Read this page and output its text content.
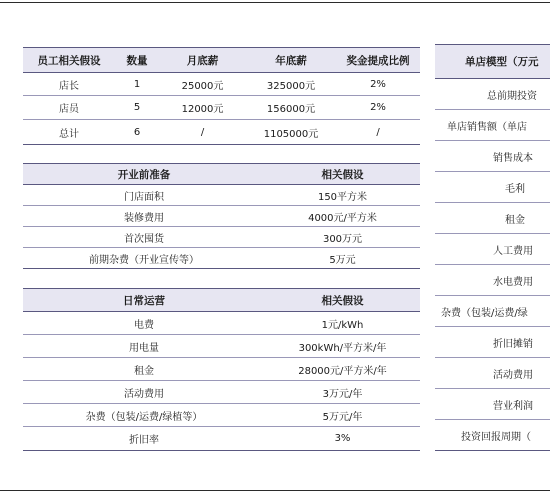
员工相关假设	数量	月底薪	年底薪	奖金提成比例
店长	1	25000元	325000元	2%
店员	5	12000元	156000元	2%
总计	6	/	1105000元	/
开业前准备	相关假设
门店面积	150平方米
装修费用	4000元/平方米
首次囤货	300万元
前期杂费（开业宣传等）	5万元
日常运营	相关假设
电费	1元/kWh
用电量	300kWh/平方米/年
租金	28000元/平方米/年
活动费用	3万元/年
杂费（包装/运费/绿植等）	5万元/年
折旧率	3%
单店模型（万元
总前期投资
单店销售额（单店
销售成本
毛利
租金
人工费用
水电费用
杂费（包装/运费/绿
折旧摊销
活动费用
营业利润
投资回报周期（
